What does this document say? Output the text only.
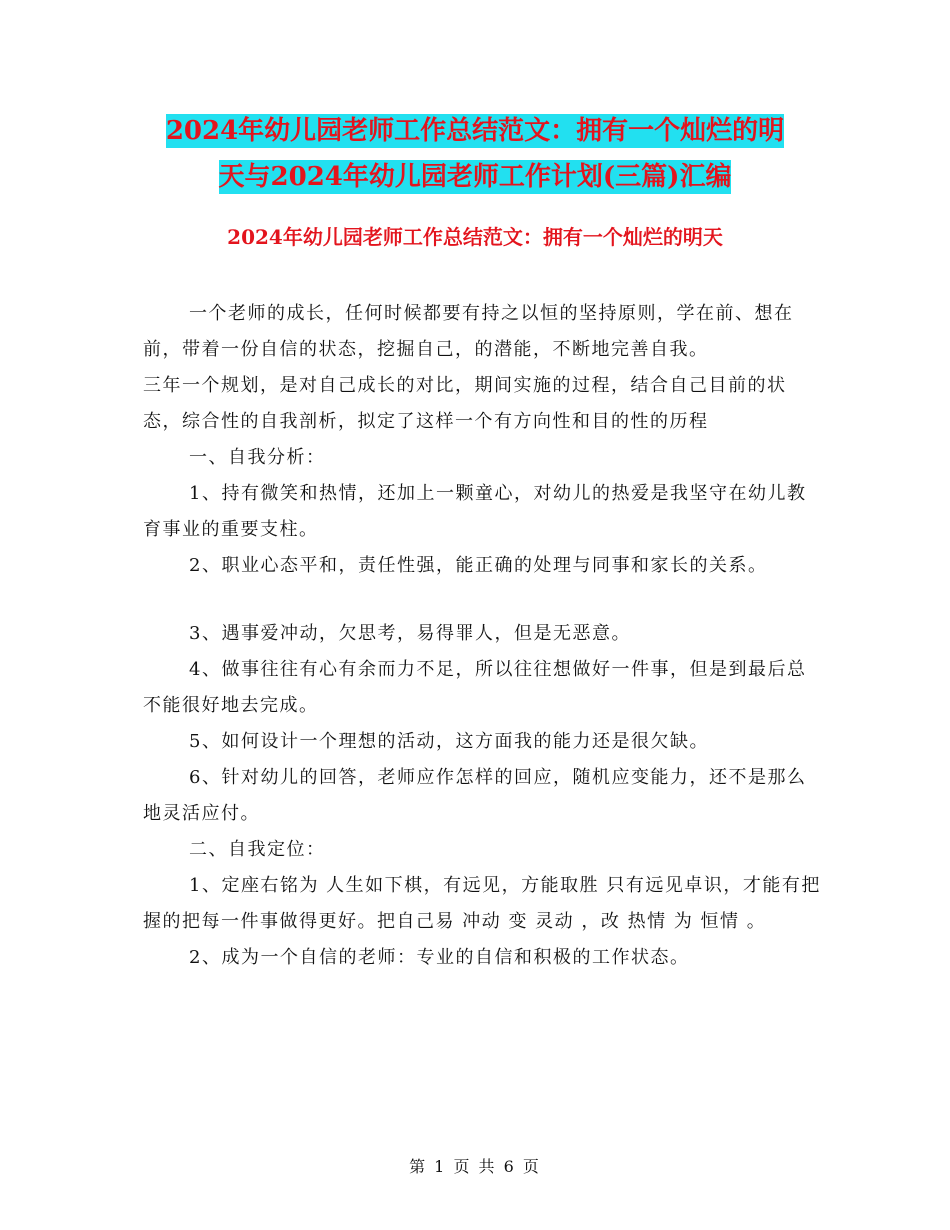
2024年幼儿园老师工作总结范文：拥有一个灿烂的明
天与2024年幼儿园老师工作计划(三篇)汇编
2024年幼儿园老师工作总结范文：拥有一个灿烂的明天

一个老师的成长，任何时候都要有持之以恒的坚持原则，学在前、想在前，带着一份自信的状态，挖掘自己，的潜能，不断地完善自我。

三年一个规划，是对自己成长的对比，期间实施的过程，结合自己目前的状态，综合性的自我剖析，拟定了这样一个有方向性和目的性的历程

一、自我分析：

1、持有微笑和热情，还加上一颗童心，对幼儿的热爱是我坚守在幼儿教育事业的重要支柱。

2、职业心态平和，责任性强，能正确的处理与同事和家长的关系。

3、遇事爱冲动，欠思考，易得罪人，但是无恶意。

4、做事往往有心有余而力不足，所以往往想做好一件事，但是到最后总不能很好地去完成。

5、如何设计一个理想的活动，这方面我的能力还是很欠缺。

6、针对幼儿的回答，老师应作怎样的回应，随机应变能力，还不是那么地灵活应付。

二、自我定位：

1、定座右铭为 人生如下棋，有远见，方能取胜 只有远见卓识，才能有把握的把每一件事做得更好。把自己易 冲动 变 灵动 ，改 热情 为 恒情 。

2、成为一个自信的老师：专业的自信和积极的工作状态。

第 1 页 共 6 页
